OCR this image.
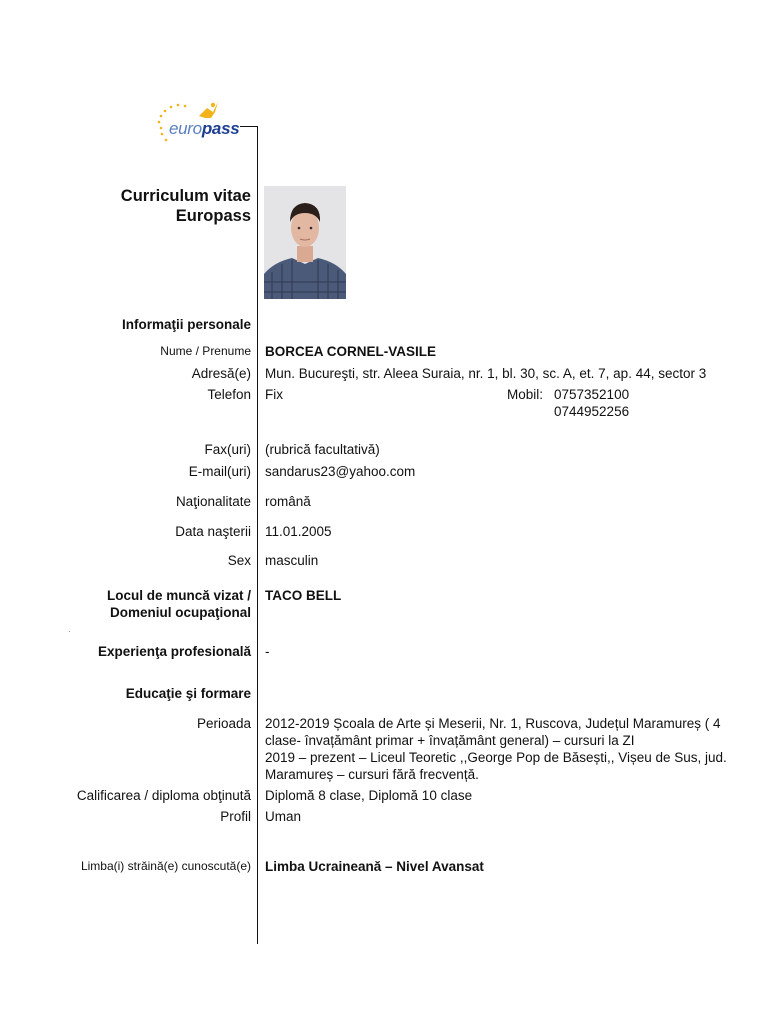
europass
Curriculum vitae
Europass
Informaţii personale
Nume / Prenume BORCEA CORNEL-VASILE
Adresă(e) Mun. Bucureşti, str. Aleea Suraia, nr. 1, bl. 30, sc. A, et. 7, ap. 44, sector 3
Telefon Fix	Mobil: 0757352100
0744952256
Fax(uri) (rubrică facultativă)
E-mail(uri) sandarus23@yahoo.com
Naţionalitate română
Data naşterii 11.01.2005
Sex masculin
Locul de muncă vizat /
Domeniul ocupaţional
TACO BELL
Experienţa profesională -
Educaţie şi formare
Perioada 2012-2019 Școala de Arte și Meserii, Nr. 1, Ruscova, Județul Maramureș ( 4
clase- învațământ primar + învațământ general) – cursuri la ZI
2019 – prezent – Liceul Teoretic ,,George Pop de Băsești,, Vișeu de Sus, jud.
Maramureș – cursuri fără frecvență.
Calificarea / diploma obţinută Diplomă 8 clase, Diplomă 10 clase
Profil Uman
Limba(i) străină(e) cunoscută(e) Limba Ucraineană – Nivel Avansat
